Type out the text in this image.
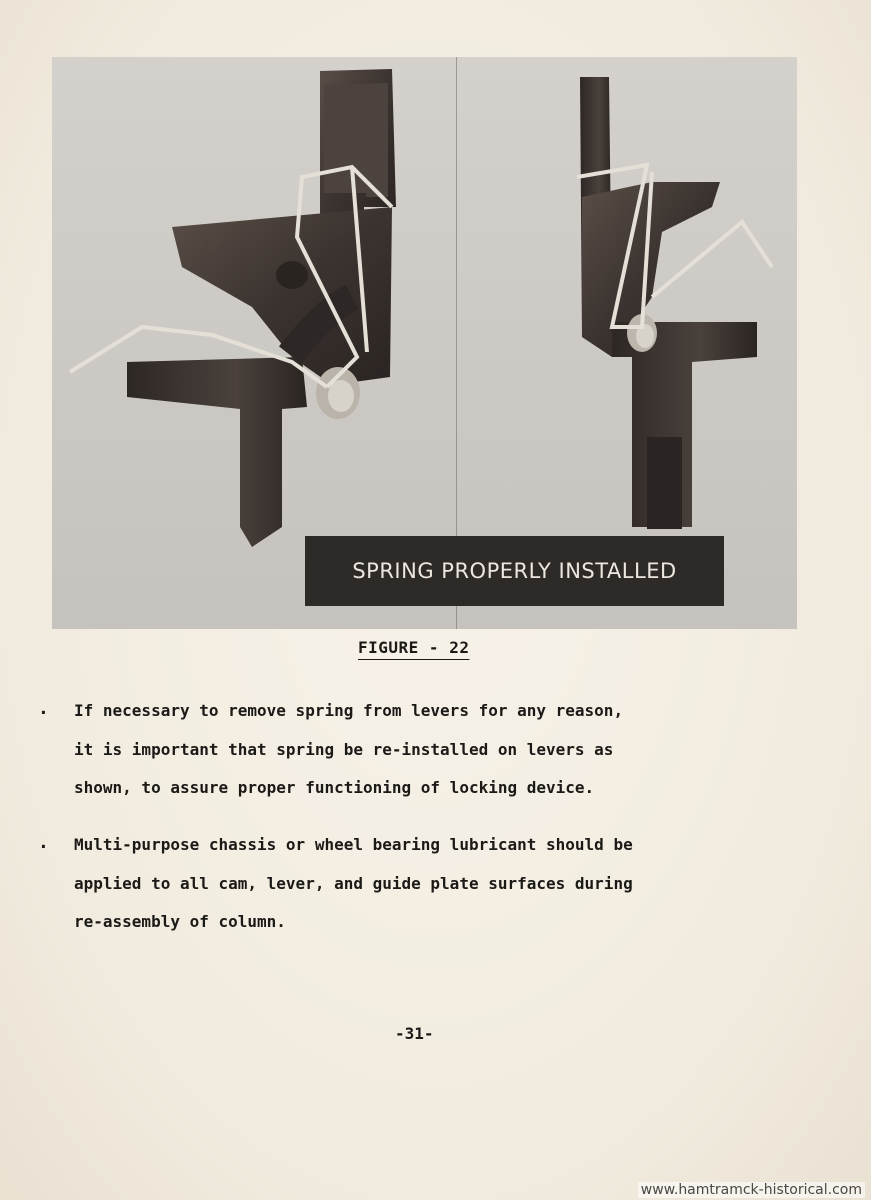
SPRING PROPERLY INSTALLED
FIGURE - 22
. If necessary to remove spring from levers for any reason,
it is important that spring be re-installed on levers as
shown, to assure proper functioning of locking device.
. Multi-purpose chassis or wheel bearing lubricant should be
applied to all cam, lever, and guide plate surfaces during
re-assembly of column.
-31-
www.hamtramck-historical.com
